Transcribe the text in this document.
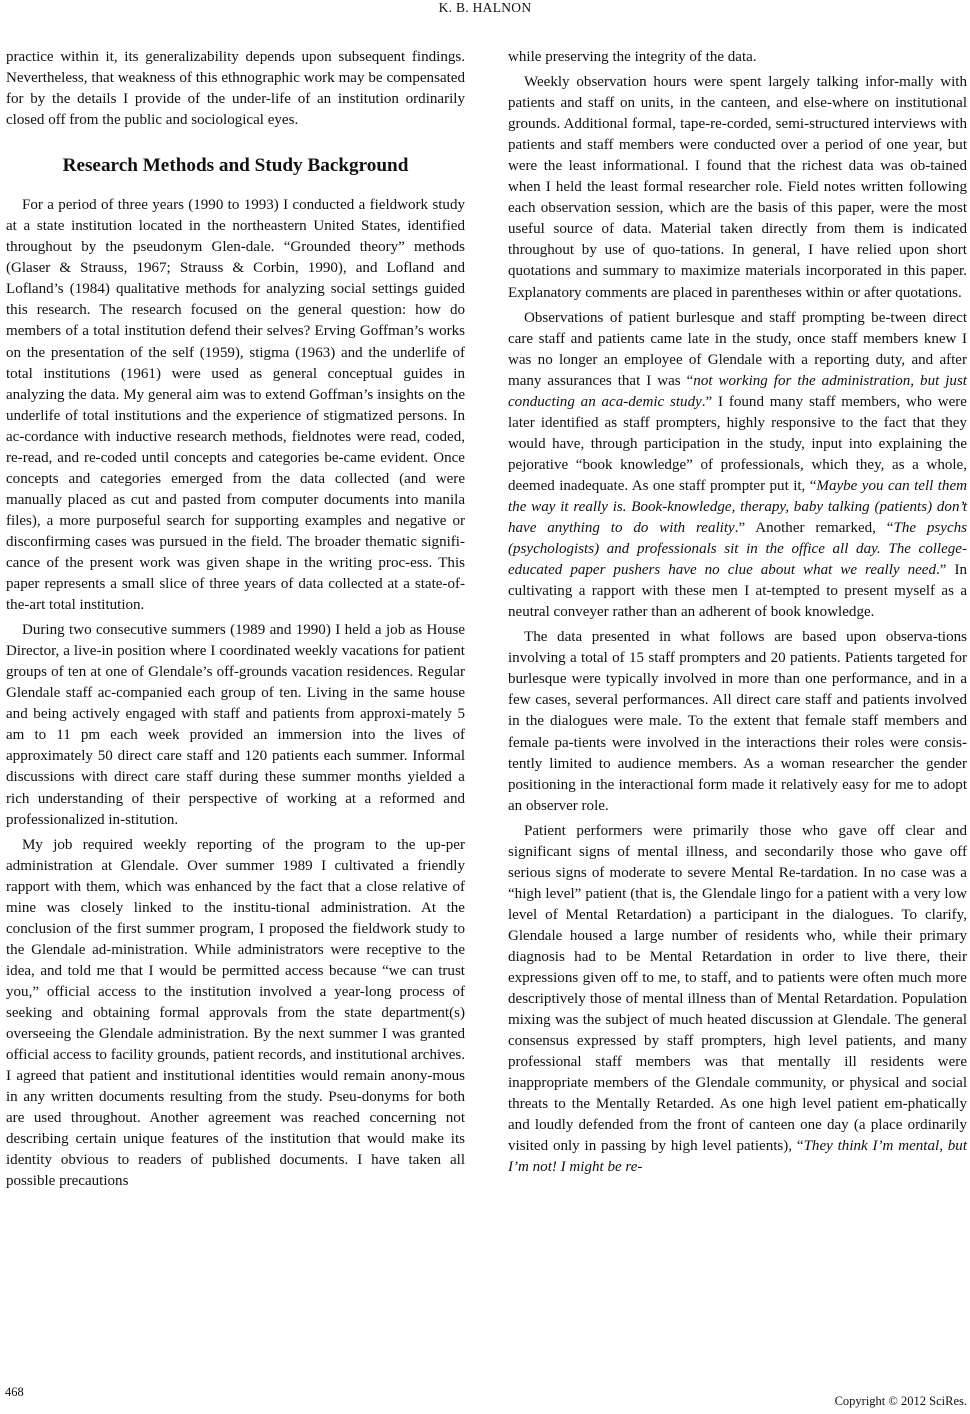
K. B. HALNON

practice within it, its generalizability depends upon subsequent findings. Nevertheless, that weakness of this ethnographic work may be compensated for by the details I provide of the under-life of an institution ordinarily closed off from the public and sociological eyes.

Research Methods and Study Background

For a period of three years (1990 to 1993) I conducted a fieldwork study at a state institution located in the northeastern United States, identified throughout by the pseudonym Glen-dale. “Grounded theory” methods (Glaser & Strauss, 1967; Strauss & Corbin, 1990), and Lofland and Lofland’s (1984) qualitative methods for analyzing social settings guided this research. The research focused on the general question: how do members of a total institution defend their selves? Erving Goffman’s works on the presentation of the self (1959), stigma (1963) and the underlife of total institutions (1961) were used as general conceptual guides in analyzing the data. My general aim was to extend Goffman’s insights on the underlife of total institutions and the experience of stigmatized persons. In ac-cordance with inductive research methods, fieldnotes were read, coded, re-read, and re-coded until concepts and categories be-came evident. Once concepts and categories emerged from the data collected (and were manually placed as cut and pasted from computer documents into manila files), a more purposeful search for supporting examples and negative or disconfirming cases was pursued in the field. The broader thematic signifi-cance of the present work was given shape in the writing proc-ess. This paper represents a small slice of three years of data collected at a state-of-the-art total institution.

During two consecutive summers (1989 and 1990) I held a job as House Director, a live-in position where I coordinated weekly vacations for patient groups of ten at one of Glendale’s off-grounds vacation residences. Regular Glendale staff ac-companied each group of ten. Living in the same house and being actively engaged with staff and patients from approxi-mately 5 am to 11 pm each week provided an immersion into the lives of approximately 50 direct care staff and 120 patients each summer. Informal discussions with direct care staff during these summer months yielded a rich understanding of their perspective of working at a reformed and professionalized in-stitution.

My job required weekly reporting of the program to the up-per administration at Glendale. Over summer 1989 I cultivated a friendly rapport with them, which was enhanced by the fact that a close relative of mine was closely linked to the institu-tional administration. At the conclusion of the first summer program, I proposed the fieldwork study to the Glendale ad-ministration. While administrators were receptive to the idea, and told me that I would be permitted access because “we can trust you,” official access to the institution involved a year-long process of seeking and obtaining formal approvals from the state department(s) overseeing the Glendale administration. By the next summer I was granted official access to facility grounds, patient records, and institutional archives. I agreed that patient and institutional identities would remain anony-mous in any written documents resulting from the study. Pseu-donyms for both are used throughout. Another agreement was reached concerning not describing certain unique features of the institution that would make its identity obvious to readers of published documents. I have taken all possible precautions

while preserving the integrity of the data.

Weekly observation hours were spent largely talking infor-mally with patients and staff on units, in the canteen, and else-where on institutional grounds. Additional formal, tape-re-corded, semi-structured interviews with patients and staff members were conducted over a period of one year, but were the least informational. I found that the richest data was ob-tained when I held the least formal researcher role. Field notes written following each observation session, which are the basis of this paper, were the most useful source of data. Material taken directly from them is indicated throughout by use of quo-tations. In general, I have relied upon short quotations and summary to maximize materials incorporated in this paper. Explanatory comments are placed in parentheses within or after quotations.

Observations of patient burlesque and staff prompting be-tween direct care staff and patients came late in the study, once staff members knew I was no longer an employee of Glendale with a reporting duty, and after many assurances that I was “not working for the administration, but just conducting an aca-demic study.” I found many staff members, who were later identified as staff prompters, highly responsive to the fact that they would have, through participation in the study, input into explaining the pejorative “book knowledge” of professionals, which they, as a whole, deemed inadequate. As one staff prompter put it, “Maybe you can tell them the way it really is. Book-knowledge, therapy, baby talking (patients) don’t have anything to do with reality.” Another remarked, “The psychs (psychologists) and professionals sit in the office all day. The college-educated paper pushers have no clue about what we really need.” In cultivating a rapport with these men I at-tempted to present myself as a neutral conveyer rather than an adherent of book knowledge.

The data presented in what follows are based upon observa-tions involving a total of 15 staff prompters and 20 patients. Patients targeted for burlesque were typically involved in more than one performance, and in a few cases, several performances. All direct care staff and patients involved in the dialogues were male. To the extent that female staff members and female pa-tients were involved in the interactions their roles were consis-tently limited to audience members. As a woman researcher the gender positioning in the interactional form made it relatively easy for me to adopt an observer role.

Patient performers were primarily those who gave off clear and significant signs of mental illness, and secondarily those who gave off serious signs of moderate to severe Mental Re-tardation. In no case was a “high level” patient (that is, the Glendale lingo for a patient with a very low level of Mental Retardation) a participant in the dialogues. To clarify, Glendale housed a large number of residents who, while their primary diagnosis had to be Mental Retardation in order to live there, their expressions given off to me, to staff, and to patients were often much more descriptively those of mental illness than of Mental Retardation. Population mixing was the subject of much heated discussion at Glendale. The general consensus expressed by staff prompters, high level patients, and many professional staff members was that mentally ill residents were inappropriate members of the Glendale community, or physical and social threats to the Mentally Retarded. As one high level patient em-phatically and loudly defended from the front of canteen one day (a place ordinarily visited only in passing by high level patients), “They think I’m mental, but I’m not! I might be re-

468
Copyright © 2012 SciRes.
